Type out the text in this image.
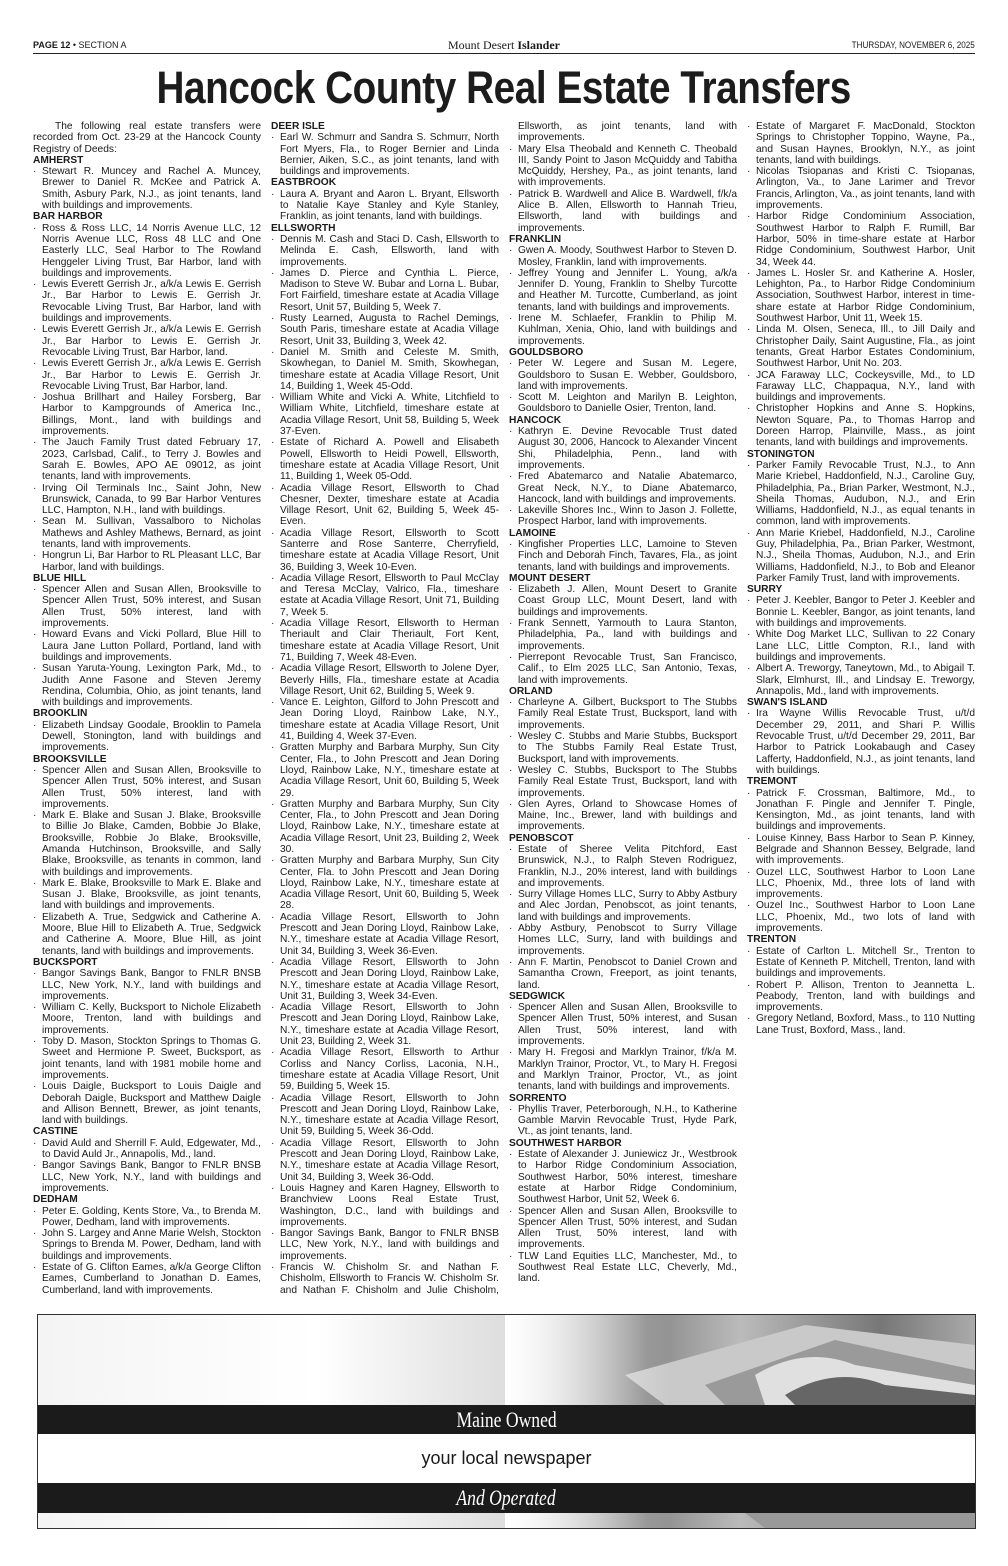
PAGE 12 • SECTION A	Mount Desert Islander	THURSDAY, NOVEMBER 6, 2025
Hancock County Real Estate Transfers

The following real estate transfers were recorded from Oct. 23-29 at the Hancock County Registry of Deeds:

AMHERST
· Stewart R. Muncey and Rachel A. Muncey, Brewer to Daniel R. McKee and Patrick A. Smith, Asbury Park, N.J., as joint tenants, land with buildings and improvements.
BAR HARBOR
· Ross & Ross LLC, 14 Norris Avenue LLC, 12 Norris Avenue LLC, Ross 48 LLC and One Easterly LLC, Seal Harbor to The Rowland Henggeler Living Trust, Bar Harbor, land with buildings and improvements.
· Lewis Everett Gerrish Jr., a/k/a Lewis E. Gerrish Jr., Bar Harbor to Lewis E. Gerrish Jr. Revocable Living Trust, Bar Harbor, land with buildings and improvements.
· Lewis Everett Gerrish Jr., a/k/a Lewis E. Gerrish Jr., Bar Harbor to Lewis E. Gerrish Jr. Revocable Living Trust, Bar Harbor, land.
· Lewis Everett Gerrish Jr., a/k/a Lewis E. Gerrish Jr., Bar Harbor to Lewis E. Gerrish Jr. Revocable Living Trust, Bar Harbor, land.
· Joshua Brillhart and Hailey Forsberg, Bar Harbor to Kampgrounds of America Inc., Billings, Mont., land with buildings and improvements.
· The Jauch Family Trust dated February 17, 2023, Carlsbad, Calif., to Terry J. Bowles and Sarah E. Bowles, APO AE 09012, as joint tenants, land with improvements.
· Irving Oil Terminals Inc., Saint John, New Brunswick, Canada, to 99 Bar Harbor Ventures LLC, Hampton, N.H., land with buildings.
· Sean M. Sullivan, Vassalboro to Nicholas Mathews and Ashley Mathews, Bernard, as joint tenants, land with improvements.
· Hongrun Li, Bar Harbor to RL Pleasant LLC, Bar Harbor, land with buildings.
BLUE HILL
· Spencer Allen and Susan Allen, Brooksville to Spencer Allen Trust, 50% interest, and Susan Allen Trust, 50% interest, land with improvements.
· Howard Evans and Vicki Pollard, Blue Hill to Laura Jane Lutton Pollard, Portland, land with buildings and improvements.
· Susan Yaruta-Young, Lexington Park, Md., to Judith Anne Fasone and Steven Jeremy Rendina, Columbia, Ohio, as joint tenants, land with buildings and improvements.
BROOKLIN
· Elizabeth Lindsay Goodale, Brooklin to Pamela Dewell, Stonington, land with buildings and improvements.
BROOKSVILLE
· Spencer Allen and Susan Allen, Brooksville to Spencer Allen Trust, 50% interest, and Susan Allen Trust, 50% interest, land with improvements.
· Mark E. Blake and Susan J. Blake, Brooksville to Billie Jo Blake, Camden, Bobbie Jo Blake, Brooksville, Robbie Jo Blake, Brooksville, Amanda Hutchinson, Brooksville, and Sally Blake, Brooksville, as tenants in common, land with buildings and improvements.
· Mark E. Blake, Brooksville to Mark E. Blake and Susan J. Blake, Brooksville, as joint tenants, land with buildings and improvements.
· Elizabeth A. True, Sedgwick and Catherine A. Moore, Blue Hill to Elizabeth A. True, Sedgwick and Catherine A. Moore, Blue Hill, as joint tenants, land with buildings and improvements.
BUCKSPORT
· Bangor Savings Bank, Bangor to FNLR BNSB LLC, New York, N.Y., land with buildings and improvements.
· William C. Kelly, Bucksport to Nichole Elizabeth Moore, Trenton, land with buildings and improvements.
· Toby D. Mason, Stockton Springs to Thomas G. Sweet and Hermione P. Sweet, Bucksport, as joint tenants, land with 1981 mobile home and improvements.
· Louis Daigle, Bucksport to Louis Daigle and Deborah Daigle, Bucksport and Matthew Daigle and Allison Bennett, Brewer, as joint tenants, land with buildings.
CASTINE
· David Auld and Sherrill F. Auld, Edgewater, Md., to David Auld Jr., Annapolis, Md., land.
· Bangor Savings Bank, Bangor to FNLR BNSB LLC, New York, N.Y., land with buildings and improvements.
DEDHAM
· Peter E. Golding, Kents Store, Va., to Brenda M. Power, Dedham, land with improvements.
· John S. Largey and Anne Marie Welsh, Stockton Springs to Brenda M. Power, Dedham, land with buildings and improvements.
· Estate of G. Clifton Eames, a/k/a George Clifton Eames, Cumberland to Jonathan D. Eames, Cumberland, land with improvements.
DEER ISLE
· Earl W. Schmurr and Sandra S. Schmurr, North Fort Myers, Fla., to Roger Bernier and Linda Bernier, Aiken, S.C., as joint tenants, land with buildings and improvements.
EASTBROOK
· Laura A. Bryant and Aaron L. Bryant, Ellsworth to Natalie Kaye Stanley and Kyle Stanley, Franklin, as joint tenants, land with buildings.
ELLSWORTH
· Dennis M. Cash and Staci D. Cash, Ellsworth to Melinda E. Cash, Ellsworth, land with improvements.
· James D. Pierce and Cynthia L. Pierce, Madison to Steve W. Bubar and Lorna L. Bubar, Fort Fairfield, timeshare estate at Acadia Village Resort, Unit 57, Building 5, Week 7.
· Rusty Learned, Augusta to Rachel Demings, South Paris, timeshare estate at Acadia Village Resort, Unit 33, Building 3, Week 42.
· Daniel M. Smith and Celeste M. Smith, Skowhegan, to Daniel M. Smith, Skowhegan, timeshare estate at Acadia Village Resort, Unit 14, Building 1, Week 45-Odd.
· William White and Vicki A. White, Litchfield to William White, Litchfield, timeshare estate at Acadia Village Resort, Unit 58, Building 5, Week 37-Even.
· Estate of Richard A. Powell and Elisabeth Powell, Ellsworth to Heidi Powell, Ellsworth, timeshare estate at Acadia Village Resort, Unit 11, Building 1, Week 05-Odd.
· Acadia Village Resort, Ellsworth to Chad Chesner, Dexter, timeshare estate at Acadia Village Resort, Unit 62, Building 5, Week 45-Even.
· Acadia Village Resort, Ellsworth to Scott Santerre and Rose Santerre, Cherryfield, timeshare estate at Acadia Village Resort, Unit 36, Building 3, Week 10-Even.
· Acadia Village Resort, Ellsworth to Paul McClay and Teresa McClay, Valrico, Fla., timeshare estate at Acadia Village Resort, Unit 71, Building 7, Week 5.
· Acadia Village Resort, Ellsworth to Herman Theriault and Clair Theriault, Fort Kent, timeshare estate at Acadia Village Resort, Unit 71, Building 7, Week 48-Even.
· Acadia Village Resort, Ellsworth to Jolene Dyer, Beverly Hills, Fla., timeshare estate at Acadia Village Resort, Unit 62, Building 5, Week 9.
· Vance E. Leighton, Gilford to John Prescott and Jean Doring Lloyd, Rainbow Lake, N.Y., timeshare estate at Acadia Village Resort, Unit 41, Building 4, Week 37-Even.
· Gratten Murphy and Barbara Murphy, Sun City Center, Fla., to John Prescott and Jean Doring Lloyd, Rainbow Lake, N.Y., timeshare estate at Acadia Village Resort, Unit 60, Building 5, Week 29.
· Gratten Murphy and Barbara Murphy, Sun City Center, Fla., to John Prescott and Jean Doring Lloyd, Rainbow Lake, N.Y., timeshare estate at Acadia Village Resort, Unit 23, Building 2, Week 30.
· Gratten Murphy and Barbara Murphy, Sun City Center, Fla. to John Prescott and Jean Doring Lloyd, Rainbow Lake, N.Y., timeshare estate at Acadia Village Resort, Unit 60, Building 5, Week 28.
· Acadia Village Resort, Ellsworth to John Prescott and Jean Doring Lloyd, Rainbow Lake, N.Y., timeshare estate at Acadia Village Resort, Unit 34, Building 3, Week 36-Even.
· Acadia Village Resort, Ellsworth to John Prescott and Jean Doring Lloyd, Rainbow Lake, N.Y., timeshare estate at Acadia Village Resort, Unit 31, Building 3, Week 34-Even.
· Acadia Village Resort, Ellsworth to John Prescott and Jean Doring Lloyd, Rainbow Lake, N.Y., timeshare estate at Acadia Village Resort, Unit 23, Building 2, Week 31.
· Acadia Village Resort, Ellsworth to Arthur Corliss and Nancy Corliss, Laconia, N.H., timeshare estate at Acadia Village Resort, Unit 59, Building 5, Week 15.
· Acadia Village Resort, Ellsworth to John Prescott and Jean Doring Lloyd, Rainbow Lake, N.Y., timeshare estate at Acadia Village Resort, Unit 59, Building 5, Week 36-Odd.
· Acadia Village Resort, Ellsworth to John Prescott and Jean Doring Lloyd, Rainbow Lake, N.Y., timeshare estate at Acadia Village Resort, Unit 34, Building 3, Week 36-Odd.
· Louis Hagney and Karen Hagney, Ellsworth to Branchview Loons Real Estate Trust, Washington, D.C., land with buildings and improvements.
· Bangor Savings Bank, Bangor to FNLR BNSB LLC, New York, N.Y., land with buildings and improvements.
· Francis W. Chisholm Sr. and Nathan F. Chisholm, Ellsworth to Francis W. Chisholm Sr. and Nathan F. Chisholm and Julie Chisholm, Ellsworth, as joint tenants, land with improvements.
· Mary Elsa Theobald and Kenneth C. Theobald III, Sandy Point to Jason McQuiddy and Tabitha McQuiddy, Hershey, Pa., as joint tenants, land with improvements.
· Patrick B. Wardwell and Alice B. Wardwell, f/k/a Alice B. Allen, Ellsworth to Hannah Trieu, Ellsworth, land with buildings and improvements.
FRANKLIN
· Gwen A. Moody, Southwest Harbor to Steven D. Mosley, Franklin, land with improvements.
· Jeffrey Young and Jennifer L. Young, a/k/a Jennifer D. Young, Franklin to Shelby Turcotte and Heather M. Turcotte, Cumberland, as joint tenants, land with buildings and improvements.
· Irene M. Schlaefer, Franklin to Philip M. Kuhlman, Xenia, Ohio, land with buildings and improvements.
GOULDSBORO
· Peter W. Legere and Susan M. Legere, Gouldsboro to Susan E. Webber, Gouldsboro, land with improvements.
· Scott M. Leighton and Marilyn B. Leighton, Gouldsboro to Danielle Osier, Trenton, land.
HANCOCK
· Kathryn E. Devine Revocable Trust dated August 30, 2006, Hancock to Alexander Vincent Shi, Philadelphia, Penn., land with improvements.
· Fred Abatemarco and Natalie Abatemarco, Great Neck, N.Y., to Diane Abatemarco, Hancock, land with buildings and improvements.
· Lakeville Shores Inc., Winn to Jason J. Follette, Prospect Harbor, land with improvements.
LAMOINE
· Kingfisher Properties LLC, Lamoine to Steven Finch and Deborah Finch, Tavares, Fla., as joint tenants, land with buildings and improvements.
MOUNT DESERT
· Elizabeth J. Allen, Mount Desert to Granite Coast Group LLC, Mount Desert, land with buildings and improvements.
· Frank Sennett, Yarmouth to Laura Stanton, Philadelphia, Pa., land with buildings and improvements.
· Pierrepont Revocable Trust, San Francisco, Calif., to Elm 2025 LLC, San Antonio, Texas, land with improvements.
ORLAND
· Charleyne A. Gilbert, Bucksport to The Stubbs Family Real Estate Trust, Bucksport, land with improvements.
· Wesley C. Stubbs and Marie Stubbs, Bucksport to The Stubbs Family Real Estate Trust, Bucksport, land with improvements.
· Wesley C. Stubbs, Bucksport to The Stubbs Family Real Estate Trust, Bucksport, land with improvements.
· Glen Ayres, Orland to Showcase Homes of Maine, Inc., Brewer, land with buildings and improvements.
PENOBSCOT
· Estate of Sheree Velita Pitchford, East Brunswick, N.J., to Ralph Steven Rodriguez, Franklin, N.J., 20% interest, land with buildings and improvements.
· Surry Village Homes LLC, Surry to Abby Astbury and Alec Jordan, Penobscot, as joint tenants, land with buildings and improvements.
· Abby Astbury, Penobscot to Surry Village Homes LLC, Surry, land with buildings and improvements.
· Ann F. Martin, Penobscot to Daniel Crown and Samantha Crown, Freeport, as joint tenants, land.
SEDGWICK
· Spencer Allen and Susan Allen, Brooksville to Spencer Allen Trust, 50% interest, and Susan Allen Trust, 50% interest, land with improvements.
· Mary H. Fregosi and Marklyn Trainor, f/k/a M. Marklyn Trainor, Proctor, Vt., to Mary H. Fregosi and Marklyn Trainor, Proctor, Vt., as joint tenants, land with buildings and improvements.
SORRENTO
· Phyllis Traver, Peterborough, N.H., to Katherine Gamble Marvin Revocable Trust, Hyde Park, Vt., as joint tenants, land.
SOUTHWEST HARBOR
· Estate of Alexander J. Juniewicz Jr., Westbrook to Harbor Ridge Condominium Association, Southwest Harbor, 50% interest, timeshare estate at Harbor Ridge Condominium, Southwest Harbor, Unit 52, Week 6.
· Spencer Allen and Susan Allen, Brooksville to Spencer Allen Trust, 50% interest, and Sudan Allen Trust, 50% interest, land with improvements.
· TLW Land Equities LLC, Manchester, Md., to Southwest Real Estate LLC, Cheverly, Md., land.
· Estate of Margaret F. MacDonald, Stockton Springs to Christopher Toppino, Wayne, Pa., and Susan Haynes, Brooklyn, N.Y., as joint tenants, land with buildings.
· Nicolas Tsiopanas and Kristi C. Tsiopanas, Arlington, Va., to Jane Larimer and Trevor Francis, Arlington, Va., as joint tenants, land with improvements.
· Harbor Ridge Condominium Association, Southwest Harbor to Ralph F. Rumill, Bar Harbor, 50% in time-share estate at Harbor Ridge Condominium, Southwest Harbor, Unit 34, Week 44.
· James L. Hosler Sr. and Katherine A. Hosler, Lehighton, Pa., to Harbor Ridge Condominium Association, Southwest Harbor, interest in time-share estate at Harbor Ridge Condominium, Southwest Harbor, Unit 11, Week 15.
· Linda M. Olsen, Seneca, Ill., to Jill Daily and Christopher Daily, Saint Augustine, Fla., as joint tenants, Great Harbor Estates Condominium, Southwest Harbor, Unit No. 203.
· JCA Faraway LLC, Cockeysville, Md., to LD Faraway LLC, Chappaqua, N.Y., land with buildings and improvements.
· Christopher Hopkins and Anne S. Hopkins, Newton Square, Pa., to Thomas Harrop and Doreen Harrop, Plainville, Mass., as joint tenants, land with buildings and improvements.
STONINGTON
· Parker Family Revocable Trust, N.J., to Ann Marie Kriebel, Haddonfield, N.J., Caroline Guy, Philadelphia, Pa., Brian Parker, Westmont, N.J., Sheila Thomas, Audubon, N.J., and Erin Williams, Haddonfield, N.J., as equal tenants in common, land with improvements.
· Ann Marie Kriebel, Haddonfield, N.J., Caroline Guy, Philadelphia, Pa., Brian Parker, Westmont, N.J., Sheila Thomas, Audubon, N.J., and Erin Williams, Haddonfield, N.J., to Bob and Eleanor Parker Family Trust, land with improvements.
SURRY
· Peter J. Keebler, Bangor to Peter J. Keebler and Bonnie L. Keebler, Bangor, as joint tenants, land with buildings and improvements.
· White Dog Market LLC, Sullivan to 22 Conary Lane LLC, Little Compton, R.I., land with buildings and improvements.
· Albert A. Treworgy, Taneytown, Md., to Abigail T. Slark, Elmhurst, Ill., and Lindsay E. Treworgy, Annapolis, Md., land with improvements.
SWAN'S ISLAND
· Ira Wayne Willis Revocable Trust, u/t/d December 29, 2011, and Shari P. Willis Revocable Trust, u/t/d December 29, 2011, Bar Harbor to Patrick Lookabaugh and Casey Lafferty, Haddonfield, N.J., as joint tenants, land with buildings.
TREMONT
· Patrick F. Crossman, Baltimore, Md., to Jonathan F. Pingle and Jennifer T. Pingle, Kensington, Md., as joint tenants, land with buildings and improvements.
· Louise Kinney, Bass Harbor to Sean P. Kinney, Belgrade and Shannon Bessey, Belgrade, land with improvements.
· Ouzel LLC, Southwest Harbor to Loon Lane LLC, Phoenix, Md., three lots of land with improvements.
· Ouzel Inc., Southwest Harbor to Loon Lane LLC, Phoenix, Md., two lots of land with improvements.
TRENTON
· Estate of Carlton L. Mitchell Sr., Trenton to Estate of Kenneth P. Mitchell, Trenton, land with buildings and improvements.
· Robert P. Allison, Trenton to Jeannetta L. Peabody, Trenton, land with buildings and improvements.
· Gregory Netland, Boxford, Mass., to 110 Nutting Lane Trust, Boxford, Mass., land.
Maine Owned
your local newspaper
And Operated
